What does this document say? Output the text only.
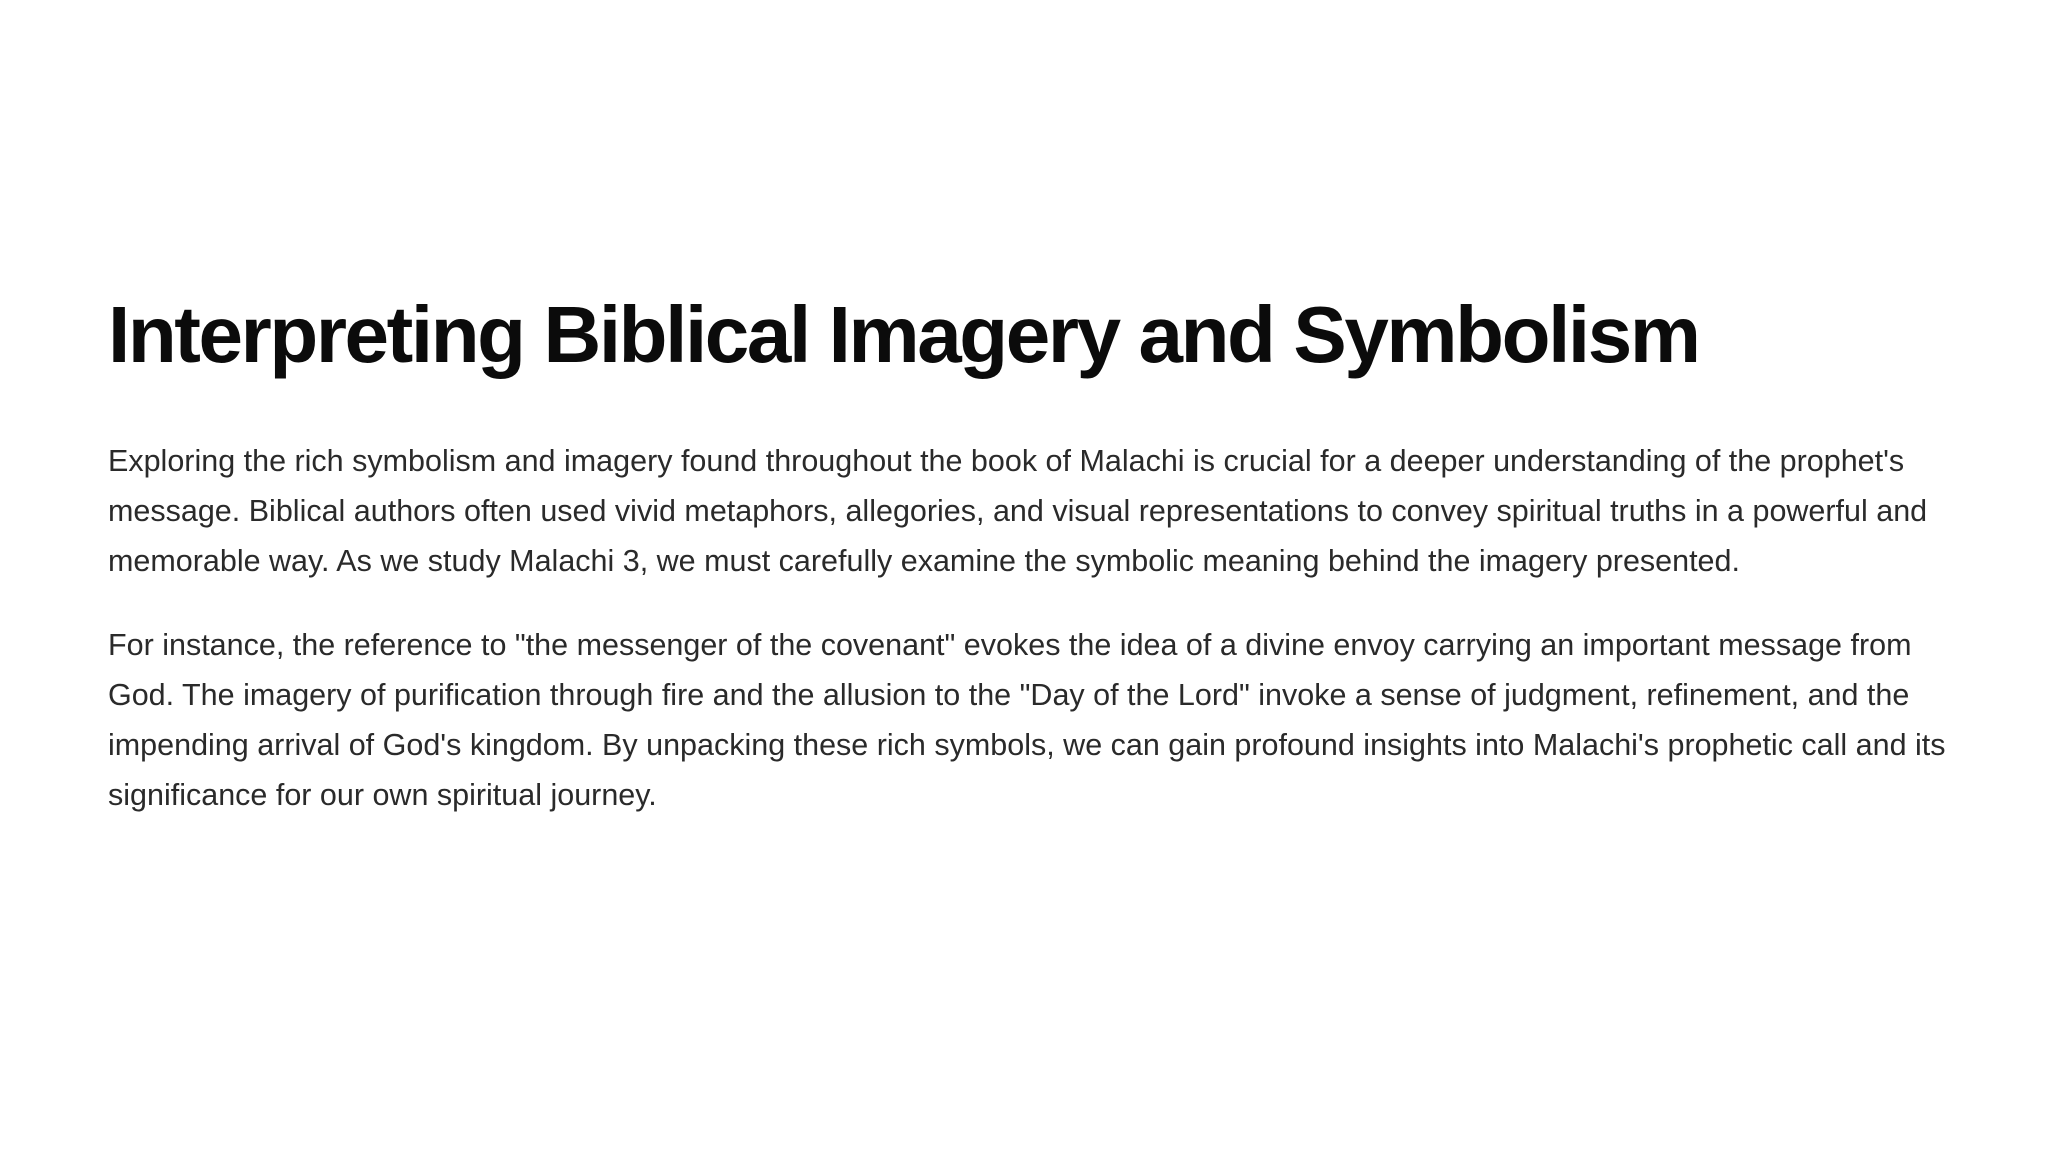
Interpreting Biblical Imagery and Symbolism

Exploring the rich symbolism and imagery found throughout the book of Malachi is crucial for a deeper understanding of the prophet's message. Biblical authors often used vivid metaphors, allegories, and visual representations to convey spiritual truths in a powerful and memorable way. As we study Malachi 3, we must carefully examine the symbolic meaning behind the imagery presented.

For instance, the reference to "the messenger of the covenant" evokes the idea of a divine envoy carrying an important message from God. The imagery of purification through fire and the allusion to the "Day of the Lord" invoke a sense of judgment, refinement, and the impending arrival of God's kingdom. By unpacking these rich symbols, we can gain profound insights into Malachi's prophetic call and its significance for our own spiritual journey.
